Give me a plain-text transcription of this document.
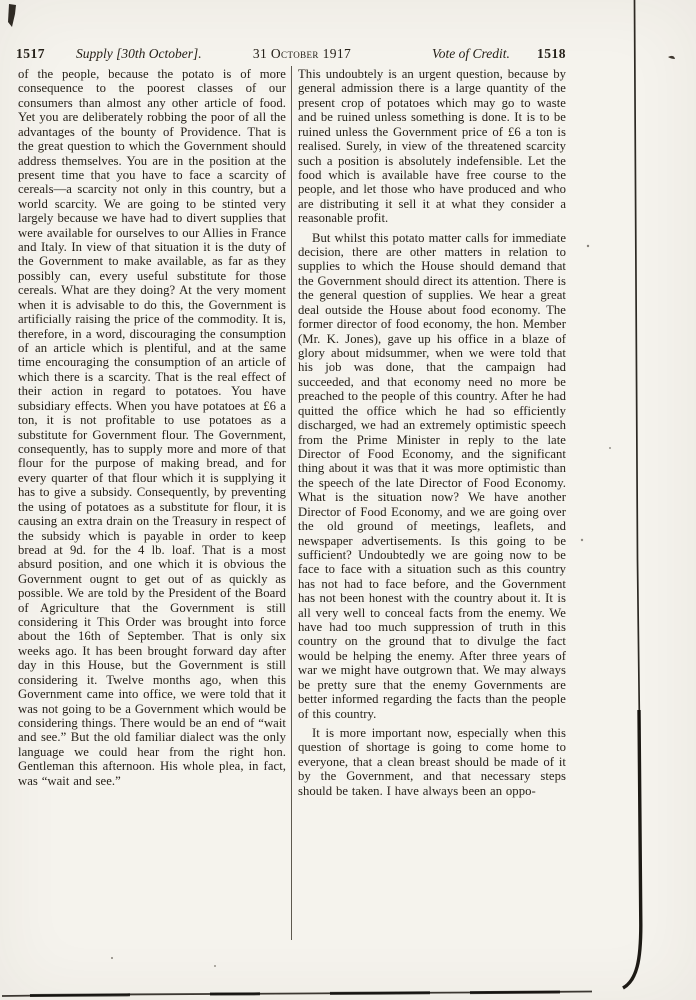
1517 Supply [30th October].	31 October 1917	Vote of Credit. 1518

of the people, because the potato is of more consequence to the poorest classes of our consumers than almost any other article of food. Yet you are deliberately robbing the poor of all the advantages of the bounty of Providence. That is the great question to which the Government should address themselves. You are in the position at the present time that you have to face a scarcity of cereals—a scarcity not only in this country, but a world scarcity. We are going to be stinted very largely because we have had to divert supplies that were available for ourselves to our Allies in France and Italy. In view of that situation it is the duty of the Government to make available, as far as they possibly can, every useful substitute for those cereals. What are they doing? At the very moment when it is advisable to do this, the Government is artificially raising the price of the commodity. It is, therefore, in a word, discouraging the consumption of an article which is plentiful, and at the same time encouraging the consumption of an article of which there is a scarcity. That is the real effect of their action in regard to potatoes. You have subsidiary effects. When you have potatoes at £6 a ton, it is not profitable to use potatoes as a substitute for Government flour. The Government, consequently, has to supply more and more of that flour for the purpose of making bread, and for every quarter of that flour which it is supplying it has to give a subsidy. Consequently, by preventing the using of potatoes as a substitute for flour, it is causing an extra drain on the Treasury in respect of the subsidy which is payable in order to keep bread at 9d. for the 4 lb. loaf. That is a most absurd position, and one which it is obvious the Government ougnt to get out of as quickly as possible. We are told by the President of the Board of Agriculture that the Government is still considering it This Order was brought into force about the 16th of September. That is only six weeks ago. It has been brought forward day after day in this House, but the Government is still considering it. Twelve months ago, when this Government came into office, we were told that it was not going to be a Government which would be considering things. There would be an end of “wait and see.” But the old familiar dialect was the only language we could hear from the right hon. Gentleman this afternoon. His whole plea, in fact, was “wait and see.”

This undoubtely is an urgent question, because by general admission there is a large quantity of the present crop of potatoes which may go to waste and be ruined unless something is done. It is to be ruined unless the Government price of £6 a ton is realised. Surely, in view of the threatened scarcity such a position is absolutely indefensible. Let the food which is available have free course to the people, and let those who have produced and who are distributing it sell it at what they consider a reasonable profit.

But whilst this potato matter calls for immediate decision, there are other matters in relation to supplies to which the House should demand that the Government should direct its attention. There is the general question of supplies. We hear a great deal outside the House about food economy. The former director of food economy, the hon. Member (Mr. K. Jones), gave up his office in a blaze of glory about midsummer, when we were told that his job was done, that the campaign had succeeded, and that economy need no more be preached to the people of this country. After he had quitted the office which he had so efficiently discharged, we had an extremely optimistic speech from the Prime Minister in reply to the late Director of Food Economy, and the significant thing about it was that it was more optimistic than the speech of the late Director of Food Economy. What is the situation now? We have another Director of Food Economy, and we are going over the old ground of meetings, leaflets, and newspaper advertisements. Is this going to be sufficient? Undoubtedly we are going now to be face to face with a situation such as this country has not had to face before, and the Government has not been honest with the country about it. It is all very well to conceal facts from the enemy. We have had too much suppression of truth in this country on the ground that to divulge the fact would be helping the enemy. After three years of war we might have outgrown that. We may always be pretty sure that the enemy Governments are better informed regarding the facts than the people of this country.

It is more important now, especially when this question of shortage is going to come home to everyone, that a clean breast should be made of it by the Government, and that necessary steps should be taken. I have always been an oppo-
